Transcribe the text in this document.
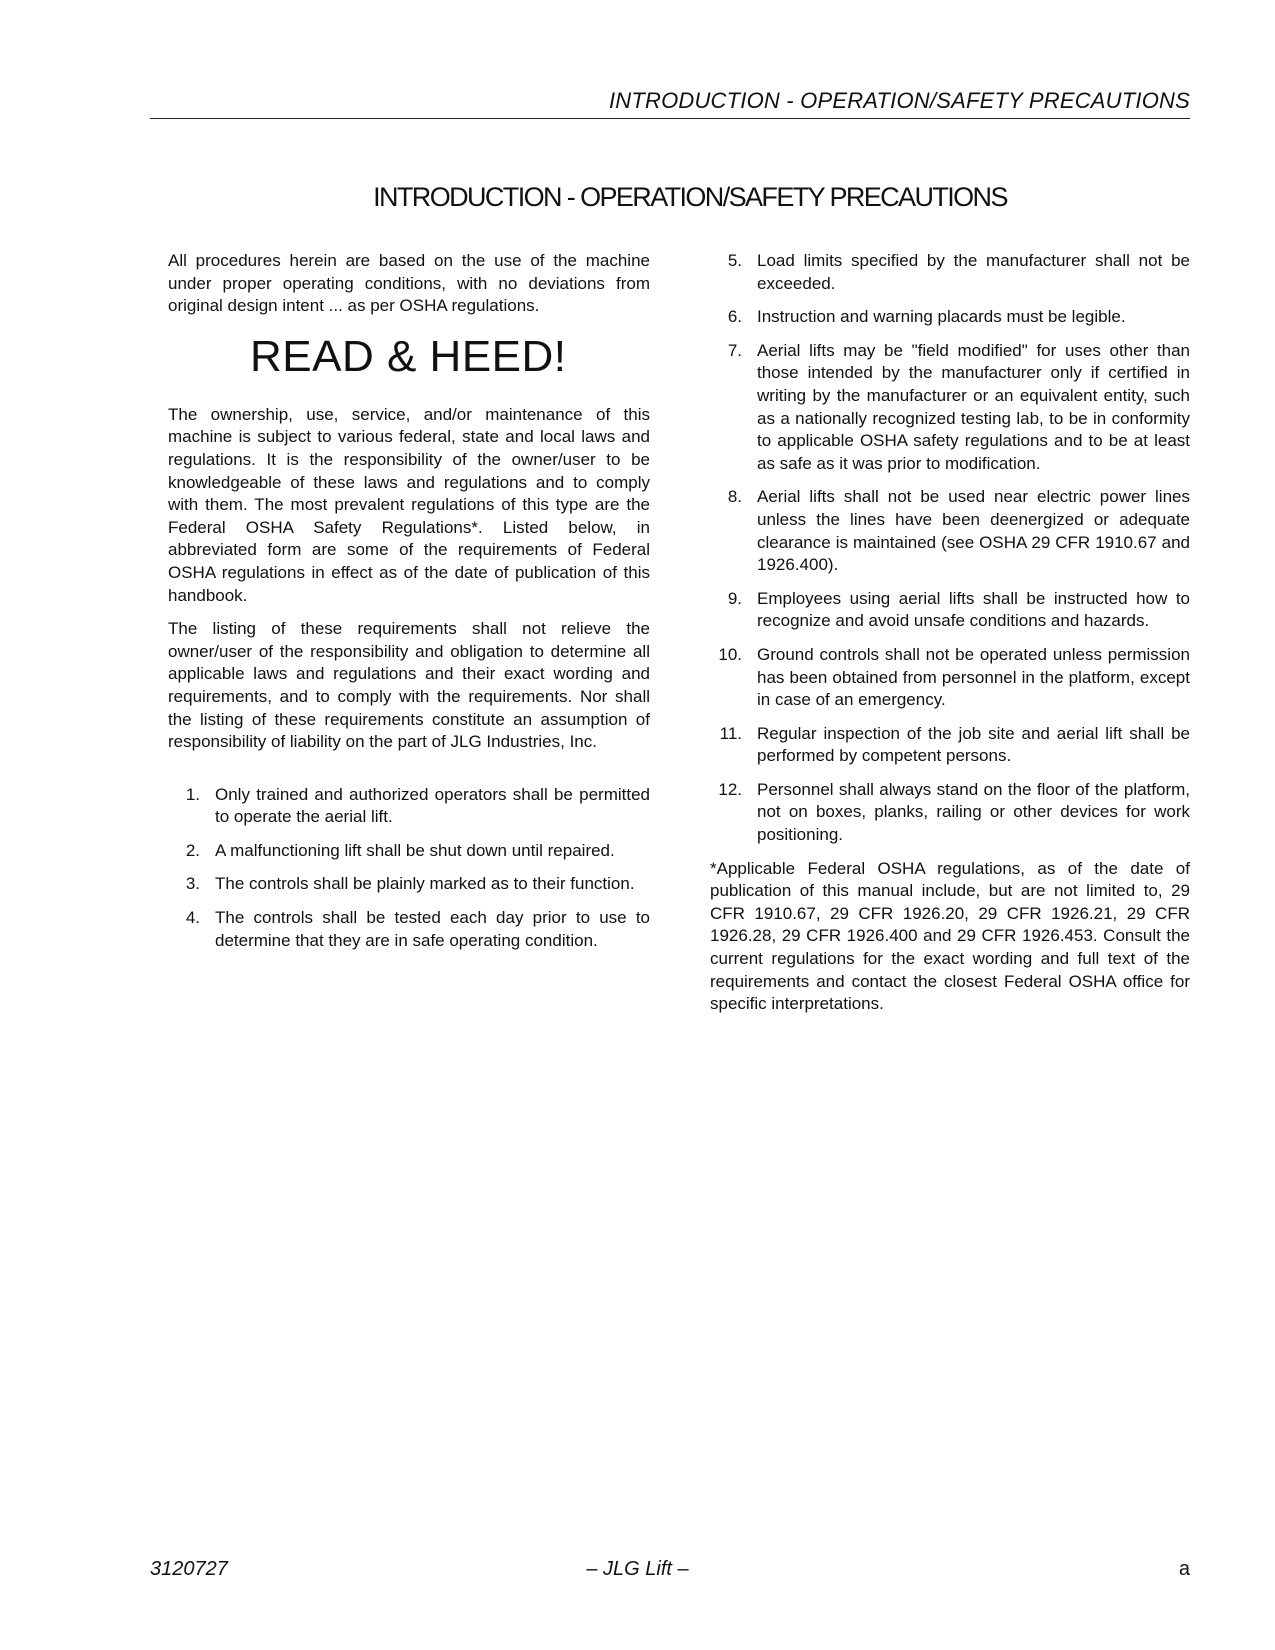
INTRODUCTION - OPERATION/SAFETY PRECAUTIONS
INTRODUCTION - OPERATION/SAFETY PRECAUTIONS

All procedures herein are based on the use of the machine under proper operating conditions, with no deviations from original design intent ... as per OSHA regulations.

READ & HEED!

The ownership, use, service, and/or maintenance of this machine is subject to various federal, state and local laws and regulations. It is the responsibility of the owner/user to be knowledgeable of these laws and regulations and to comply with them. The most prevalent regulations of this type are the Federal OSHA Safety Regulations*. Listed below, in abbreviated form are some of the requirements of Federal OSHA regulations in effect as of the date of publication of this handbook.

The listing of these requirements shall not relieve the owner/user of the responsibility and obligation to determine all applicable laws and regulations and their exact wording and requirements, and to comply with the requirements. Nor shall the listing of these requirements constitute an assumption of responsibility of liability on the part of JLG Industries, Inc.

1. Only trained and authorized operators shall be permitted to operate the aerial lift.
2. A malfunctioning lift shall be shut down until repaired.
3. The controls shall be plainly marked as to their function.
4. The controls shall be tested each day prior to use to determine that they are in safe operating condition.
5. Load limits specified by the manufacturer shall not be exceeded.
6. Instruction and warning placards must be legible.
7. Aerial lifts may be "field modified" for uses other than those intended by the manufacturer only if certified in writing by the manufacturer or an equivalent entity, such as a nationally recognized testing lab, to be in conformity to applicable OSHA safety regulations and to be at least as safe as it was prior to modification.
8. Aerial lifts shall not be used near electric power lines unless the lines have been deenergized or adequate clearance is maintained (see OSHA 29 CFR 1910.67 and 1926.400).
9. Employees using aerial lifts shall be instructed how to recognize and avoid unsafe conditions and hazards.
10. Ground controls shall not be operated unless permission has been obtained from personnel in the platform, except in case of an emergency.
11. Regular inspection of the job site and aerial lift shall be performed by competent persons.
12. Personnel shall always stand on the floor of the platform, not on boxes, planks, railing or other devices for work positioning.

*Applicable Federal OSHA regulations, as of the date of publication of this manual include, but are not limited to, 29 CFR 1910.67, 29 CFR 1926.20, 29 CFR 1926.21, 29 CFR 1926.28, 29 CFR 1926.400 and 29 CFR 1926.453. Consult the current regulations for the exact wording and full text of the requirements and contact the closest Federal OSHA office for specific interpretations.

3120727	– JLG Lift –	a
